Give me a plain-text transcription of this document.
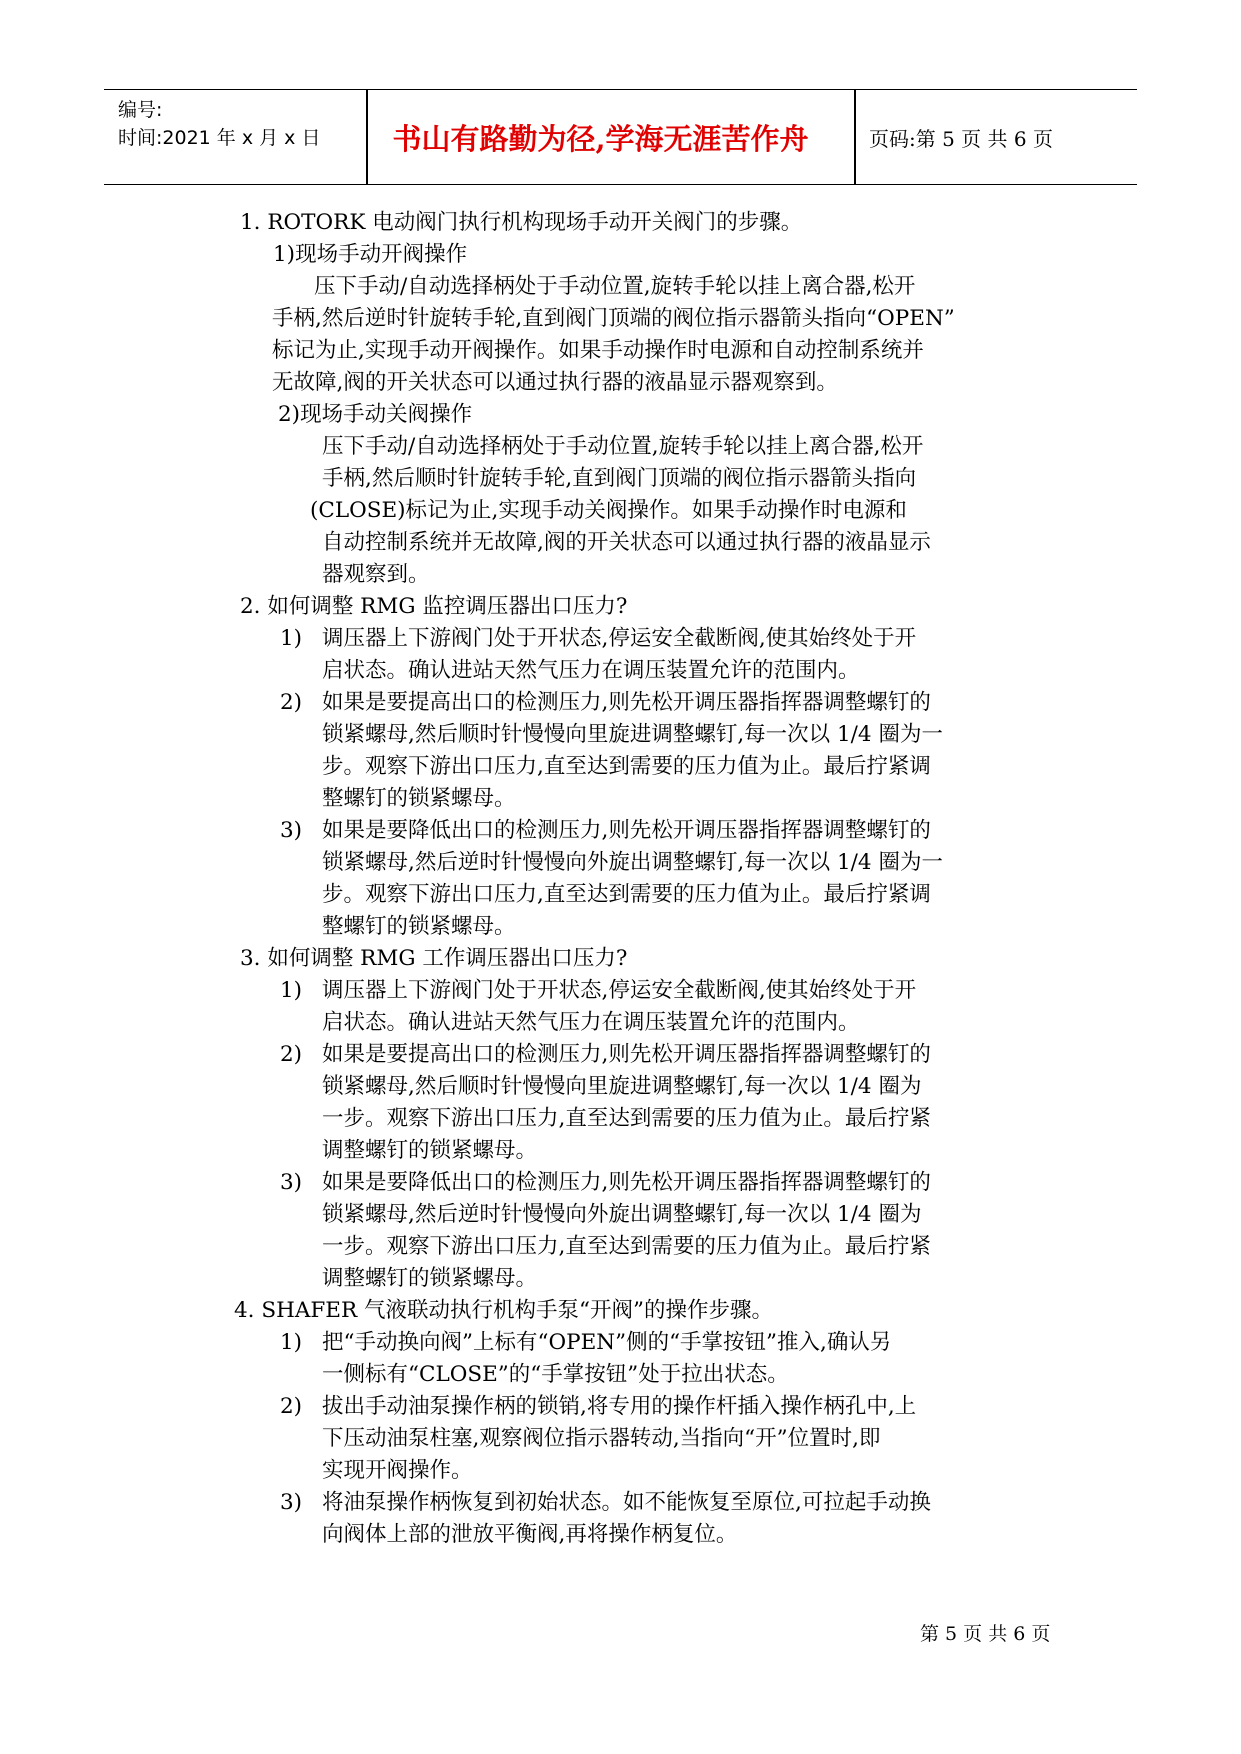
编号:
时间:2021 年 x 月 x 日	书山有路勤为径,学海无涯苦作舟	页码:第 5 页 共 6 页
1. ROTORK 电动阀门执行机构现场手动开关阀门的步骤。
1)现场手动开阀操作
压下手动/自动选择柄处于手动位置,旋转手轮以挂上离合器,松开
手柄,然后逆时针旋转手轮,直到阀门顶端的阀位指示器箭头指向“OPEN”
标记为止,实现手动开阀操作。如果手动操作时电源和自动控制系统并
无故障,阀的开关状态可以通过执行器的液晶显示器观察到。
2)现场手动关阀操作
压下手动/自动选择柄处于手动位置,旋转手轮以挂上离合器,松开
手柄,然后顺时针旋转手轮,直到阀门顶端的阀位指示器箭头指向
(CLOSE)标记为止,实现手动关阀操作。如果手动操作时电源和
自动控制系统并无故障,阀的开关状态可以通过执行器的液晶显示
器观察到。
2. 如何调整 RMG 监控调压器出口压力?
1) 调压器上下游阀门处于开状态,停运安全截断阀,使其始终处于开
启状态。确认进站天然气压力在调压装置允许的范围内。
2) 如果是要提高出口的检测压力,则先松开调压器指挥器调整螺钉的
锁紧螺母,然后顺时针慢慢向里旋进调整螺钉,每一次以 1/4 圈为一
步。观察下游出口压力,直至达到需要的压力值为止。最后拧紧调
整螺钉的锁紧螺母。
3) 如果是要降低出口的检测压力,则先松开调压器指挥器调整螺钉的
锁紧螺母,然后逆时针慢慢向外旋出调整螺钉,每一次以 1/4 圈为一
步。观察下游出口压力,直至达到需要的压力值为止。最后拧紧调
整螺钉的锁紧螺母。
3. 如何调整 RMG 工作调压器出口压力?
1) 调压器上下游阀门处于开状态,停运安全截断阀,使其始终处于开
启状态。确认进站天然气压力在调压装置允许的范围内。
2) 如果是要提高出口的检测压力,则先松开调压器指挥器调整螺钉的
锁紧螺母,然后顺时针慢慢向里旋进调整螺钉,每一次以 1/4 圈为
一步。观察下游出口压力,直至达到需要的压力值为止。最后拧紧
调整螺钉的锁紧螺母。
3) 如果是要降低出口的检测压力,则先松开调压器指挥器调整螺钉的
锁紧螺母,然后逆时针慢慢向外旋出调整螺钉,每一次以 1/4 圈为
一步。观察下游出口压力,直至达到需要的压力值为止。最后拧紧
调整螺钉的锁紧螺母。
4. SHAFER 气液联动执行机构手泵“开阀”的操作步骤。
1) 把“手动换向阀”上标有“OPEN”侧的“手掌按钮”推入,确认另
一侧标有“CLOSE”的“手掌按钮”处于拉出状态。
2) 拔出手动油泵操作柄的锁销,将专用的操作杆插入操作柄孔中,上
下压动油泵柱塞,观察阀位指示器转动,当指向“开”位置时,即
实现开阀操作。
3) 将油泵操作柄恢复到初始状态。如不能恢复至原位,可拉起手动换
向阀体上部的泄放平衡阀,再将操作柄复位。
第 5 页 共 6 页
